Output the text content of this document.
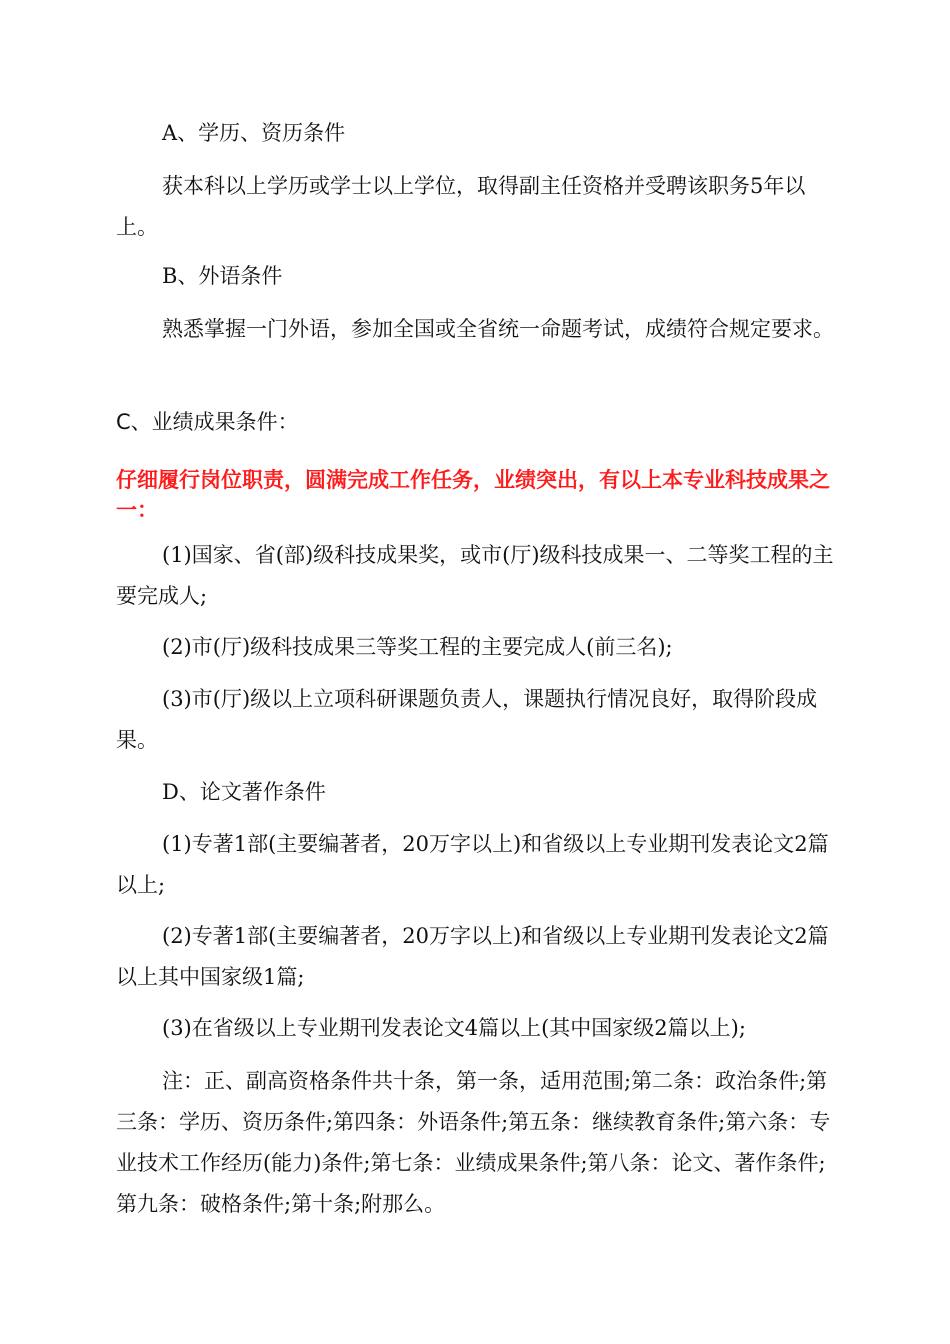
A、学历、资历条件

获本科以上学历或学士以上学位，取得副主任资格并受聘该职务5年以上。

B、外语条件

熟悉掌握一门外语，参加全国或全省统一命题考试，成绩符合规定要求。

C、业绩成果条件：

仔细履行岗位职责，圆满完成工作任务，业绩突出，有以上本专业科技成果之一：

(1)国家、省(部)级科技成果奖，或市(厅)级科技成果一、二等奖工程的主要完成人;

(2)市(厅)级科技成果三等奖工程的主要完成人(前三名);

(3)市(厅)级以上立项科研课题负责人，课题执行情况良好，取得阶段成果。

D、论文著作条件

(1)专著1部(主要编著者，20万字以上)和省级以上专业期刊发表论文2篇以上;

(2)专著1部(主要编著者，20万字以上)和省级以上专业期刊发表论文2篇以上其中国家级1篇;

(3)在省级以上专业期刊发表论文4篇以上(其中国家级2篇以上);

注：正、副高资格条件共十条，第一条，适用范围;第二条：政治条件;第三条：学历、资历条件;第四条：外语条件;第五条：继续教育条件;第六条：专业技术工作经历(能力)条件;第七条：业绩成果条件;第八条：论文、著作条件;第九条：破格条件;第十条;附那么。
